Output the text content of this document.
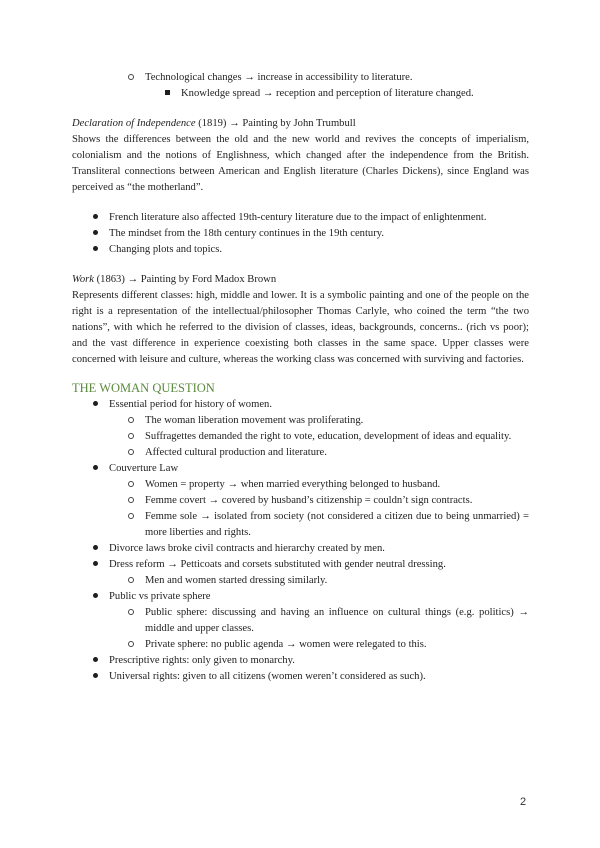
Technological changes → increase in accessibility to literature.
Knowledge spread → reception and perception of literature changed.

Declaration of Independence (1819) → Painting by John Trumbull

Shows the differences between the old and the new world and revives the concepts of imperialism, colonialism and the notions of Englishness, which changed after the independence from the British. Transliteral connections between American and English literature (Charles Dickens), since England was perceived as “the motherland”.

French literature also affected 19th-century literature due to the impact of enlightenment.
The mindset from the 18th century continues in the 19th century.
Changing plots and topics.

Work (1863) → Painting by Ford Madox Brown

Represents different classes: high, middle and lower. It is a symbolic painting and one of the people on the right is a representation of the intellectual/philosopher Thomas Carlyle, who coined the term “the two nations”, with which he referred to the division of classes, ideas, backgrounds, concerns.. (rich vs poor); and the vast difference in experience coexisting both classes in the same space. Upper classes were concerned with leisure and culture, whereas the working class was concerned with surviving and factories.

THE WOMAN QUESTION
Essential period for history of women.
The woman liberation movement was proliferating.
Suffragettes demanded the right to vote, education, development of ideas and equality.
Affected cultural production and literature.
Couverture Law
Women = property → when married everything belonged to husband.
Femme covert → covered by husband’s citizenship = couldn’t sign contracts.
Femme sole → isolated from society (not considered a citizen due to being unmarried) = more liberties and rights.
Divorce laws broke civil contracts and hierarchy created by men.
Dress reform → Petticoats and corsets substituted with gender neutral dressing.
Men and women started dressing similarly.
Public vs private sphere
Public sphere: discussing and having an influence on cultural things (e.g. politics) → middle and upper classes.
Private sphere: no public agenda → women were relegated to this.
Prescriptive rights: only given to monarchy.
Universal rights: given to all citizens (women weren’t considered as such).
2
